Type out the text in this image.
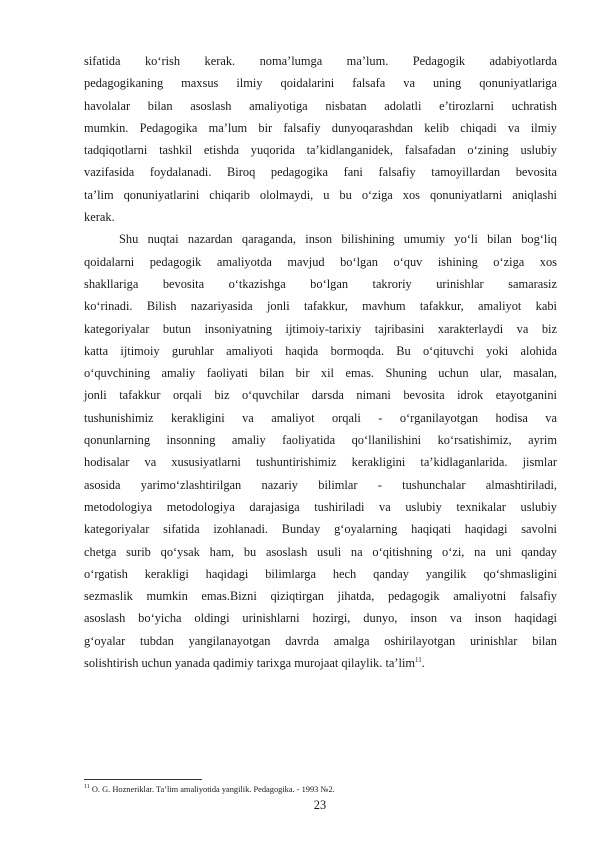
sifatida ko‘rish kerak. noma’lumga ma’lum. Pedagogik adabiyotlarda
pedagogikaning maxsus ilmiy qoidalarini falsafa va uning qonuniyatlariga
havolalar bilan asoslash amaliyotiga nisbatan adolatli e’tirozlarni uchratish
mumkin. Pedagogika ma’lum bir falsafiy dunyoqarashdan kelib chiqadi va ilmiy
tadqiqotlarni tashkil etishda yuqorida ta’kidlanganidek, falsafadan o‘zining uslubiy
vazifasida foydalanadi. Biroq pedagogika fani falsafiy tamoyillardan bevosita
ta’lim qonuniyatlarini chiqarib ololmaydi, u bu o‘ziga xos qonuniyatlarni aniqlashi
kerak.

Shu nuqtai nazardan qaraganda, inson bilishining umumiy yo‘li bilan bog‘liq
qoidalarni pedagogik amaliyotda mavjud bo‘lgan o‘quv ishining o‘ziga xos
shakllariga bevosita o‘tkazishga bo‘lgan takroriy urinishlar samarasiz
ko‘rinadi. Bilish nazariyasida jonli tafakkur, mavhum tafakkur, amaliyot kabi
kategoriyalar butun insoniyatning ijtimoiy-tarixiy tajribasini xarakterlaydi va biz
katta ijtimoiy guruhlar amaliyoti haqida bormoqda. Bu o‘qituvchi yoki alohida
o‘quvchining amaliy faoliyati bilan bir xil emas. Shuning uchun ular, masalan,
jonli tafakkur orqali biz o‘quvchilar darsda nimani bevosita idrok etayotganini
tushunishimiz kerakligini va amaliyot orqali - o‘rganilayotgan hodisa va
qonunlarning insonning amaliy faoliyatida qo‘llanilishini ko‘rsatishimiz, ayrim
hodisalar va xususiyatlarni tushuntirishimiz kerakligini ta’kidlaganlarida. jismlar
asosida yarimo‘zlashtirilgan nazariy bilimlar - tushunchalar almashtiriladi,
metodologiya metodologiya darajasiga tushiriladi va uslubiy texnikalar uslubiy
kategoriyalar sifatida izohlanadi. Bunday g‘oyalarning haqiqati haqidagi savolni
chetga surib qo‘ysak ham, bu asoslash usuli na o‘qitishning o‘zi, na uni qanday
o‘rgatish kerakligi haqidagi bilimlarga hech qanday yangilik qo‘shmasligini
sezmaslik mumkin emas.Bizni qiziqtirgan jihatda, pedagogik amaliyotni falsafiy
asoslash bo‘yicha oldingi urinishlarni hozirgi, dunyo, inson va inson haqidagi
g‘oyalar tubdan yangilanayotgan davrda amalga oshirilayotgan urinishlar bilan
solishtirish uchun yanada qadimiy tarixga murojaat qilaylik. ta’lim$^{11}$.

$^{11}$ O. G. Hozneriklar. Ta’lim amaliyotida yangilik. Pedagogika. - 1993 №2.
23
